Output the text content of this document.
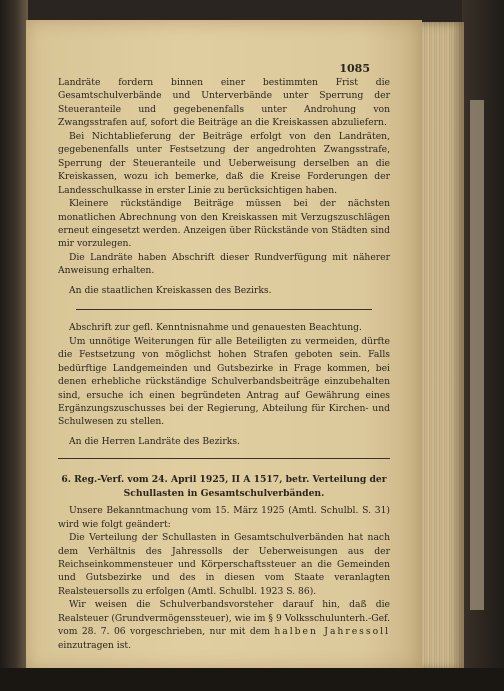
1085

Landräte fordern binnen einer bestimmten Frist die Gesamtschulverbände und Unterverbände unter Sperrung der Steueranteile und gegebenenfalls unter Androhung von Zwangsstrafen auf, sofort die Beiträge an die Kreiskassen abzuliefern.

Bei Nichtablieferung der Beiträge erfolgt von den Landräten, gegebenenfalls unter Festsetzung der angedrohten Zwangsstrafe, Sperrung der Steueranteile und Ueberweisung derselben an die Kreiskassen, wozu ich bemerke, daß die Kreise Forderungen der Landesschulkasse in erster Linie zu berücksichtigen haben.

Kleinere rückständige Beiträge müssen bei der nächsten monatlichen Abrechnung von den Kreiskassen mit Verzugszuschlägen erneut eingesetzt werden. Anzeigen über Rückstände von Städten sind mir vorzulegen.

Die Landräte haben Abschrift dieser Rundverfügung mit näherer Anweisung erhalten.

An die staatlichen Kreiskassen des Bezirks.

Abschrift zur gefl. Kenntnisnahme und genauesten Beachtung.

Um unnötige Weiterungen für alle Beteiligten zu vermeiden, dürfte die Festsetzung von möglichst hohen Strafen geboten sein. Falls bedürftige Landgemeinden und Gutsbezirke in Frage kommen, bei denen erhebliche rückständige Schulverbandsbeiträge einzubehalten sind, ersuche ich einen begründeten Antrag auf Gewährung eines Ergänzungszuschusses bei der Regierung, Abteilung für Kirchen- und Schulwesen zu stellen.

An die Herren Landräte des Bezirks.

6. Reg.-Verf. vom 24. April 1925, II A 1517, betr. Verteilung der Schullasten in Gesamtschulverbänden.

Unsere Bekanntmachung vom 15. März 1925 (Amtl. Schulbl. S. 31) wird wie folgt geändert:

Die Verteilung der Schullasten in Gesamtschulverbänden hat nach dem Verhältnis des Jahressolls der Ueberweisungen aus der Reichseinkommensteuer und Körperschaftssteuer an die Gemeinden und Gutsbezirke und des in diesen vom Staate veranlagten Realsteuersolls zu erfolgen (Amtl. Schulbl. 1923 S. 86).

Wir weisen die Schulverbandsvorsteher darauf hin, daß die Realsteuer (Grundvermögenssteuer), wie im § 9 Volksschulunterh.-Gef. vom 28. 7. 06 vorgeschrieben, nur mit dem halben Jahressoll einzutragen ist.
